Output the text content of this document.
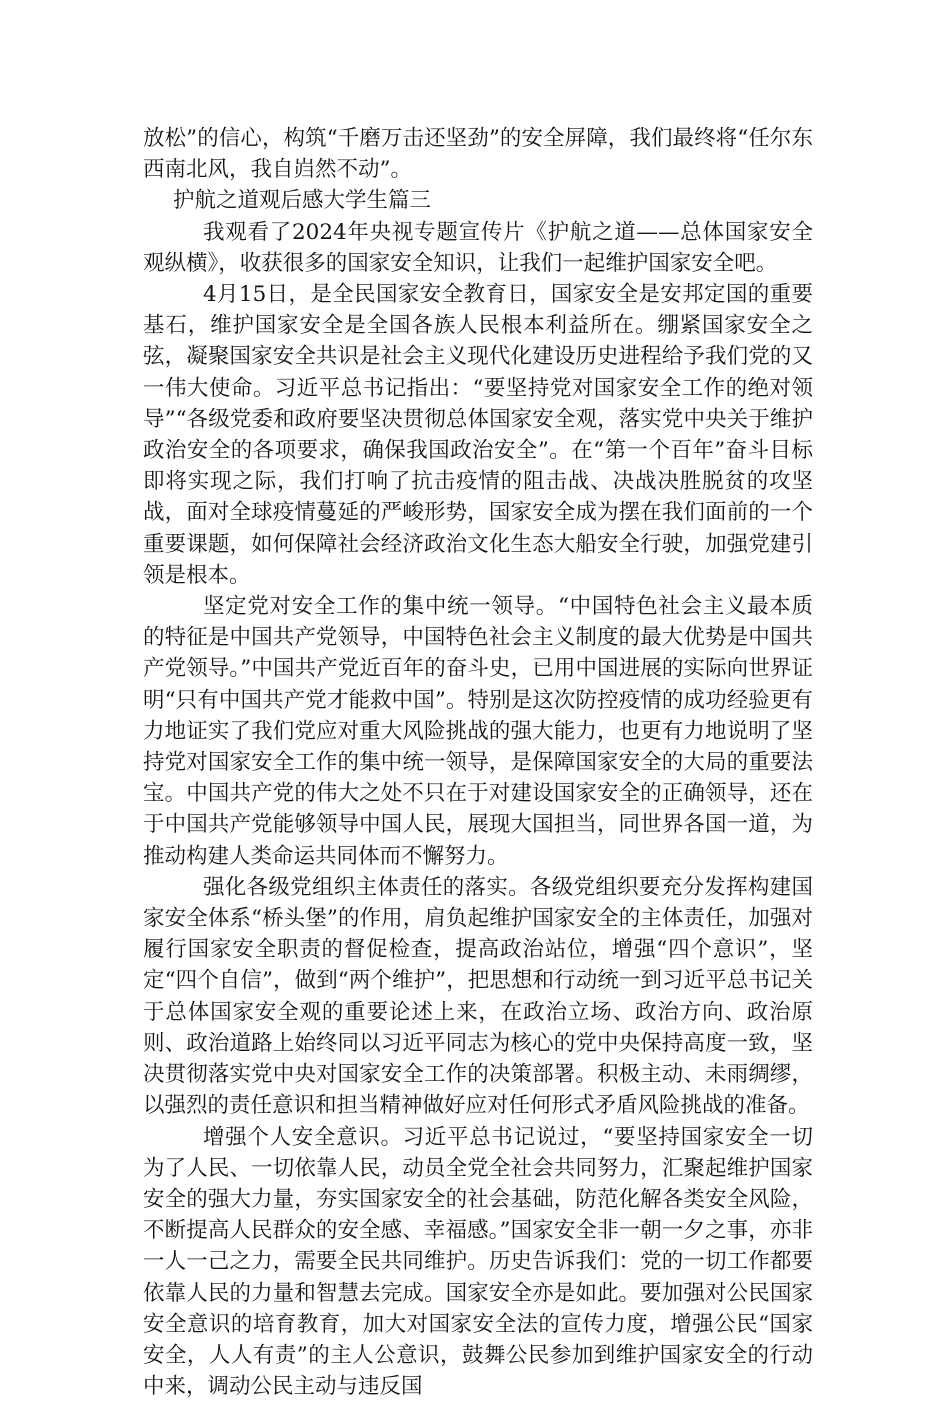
放松”的信心，构筑“千磨万击还坚劲”的安全屏障，我们最终将“任尔东西南北风，我自岿然不动”。

护航之道观后感大学生篇三

我观看了2024年央视专题宣传片《护航之道——总体国家安全观纵横》，收获很多的国家安全知识，让我们一起维护国家安全吧。

4月15日，是全民国家安全教育日，国家安全是安邦定国的重要基石，维护国家安全是全国各族人民根本利益所在。绷紧国家安全之弦，凝聚国家安全共识是社会主义现代化建设历史进程给予我们党的又一伟大使命。习近平总书记指出：“要坚持党对国家安全工作的绝对领导”“各级党委和政府要坚决贯彻总体国家安全观，落实党中央关于维护政治安全的各项要求，确保我国政治安全”。在“第一个百年”奋斗目标即将实现之际，我们打响了抗击疫情的阻击战、决战决胜脱贫的攻坚战，面对全球疫情蔓延的严峻形势，国家安全成为摆在我们面前的一个重要课题，如何保障社会经济政治文化生态大船安全行驶，加强党建引领是根本。

坚定党对安全工作的集中统一领导。“中国特色社会主义最本质的特征是中国共产党领导，中国特色社会主义制度的最大优势是中国共产党领导。”中国共产党近百年的奋斗史，已用中国进展的实际向世界证明“只有中国共产党才能救中国”。特别是这次防控疫情的成功经验更有力地证实了我们党应对重大风险挑战的强大能力，也更有力地说明了坚持党对国家安全工作的集中统一领导，是保障国家安全的大局的重要法宝。中国共产党的伟大之处不只在于对建设国家安全的正确领导，还在于中国共产党能够领导中国人民，展现大国担当，同世界各国一道，为推动构建人类命运共同体而不懈努力。

强化各级党组织主体责任的落实。各级党组织要充分发挥构建国家安全体系“桥头堡”的作用，肩负起维护国家安全的主体责任，加强对履行国家安全职责的督促检查，提高政治站位，增强“四个意识”，坚定“四个自信”，做到“两个维护”，把思想和行动统一到习近平总书记关于总体国家安全观的重要论述上来，在政治立场、政治方向、政治原则、政治道路上始终同以习近平同志为核心的党中央保持高度一致，坚决贯彻落实党中央对国家安全工作的决策部署。积极主动、未雨绸缪，以强烈的责任意识和担当精神做好应对任何形式矛盾风险挑战的准备。

增强个人安全意识。习近平总书记说过，“要坚持国家安全一切为了人民、一切依靠人民，动员全党全社会共同努力，汇聚起维护国家安全的强大力量，夯实国家安全的社会基础，防范化解各类安全风险，不断提高人民群众的安全感、幸福感。”国家安全非一朝一夕之事，亦非一人一己之力，需要全民共同维护。历史告诉我们：党的一切工作都要依靠人民的力量和智慧去完成。国家安全亦是如此。要加强对公民国家安全意识的培育教育，加大对国家安全法的宣传力度，增强公民“国家安全，人人有责”的主人公意识，鼓舞公民参加到维护国家安全的行动中来，调动公民主动与违反国
